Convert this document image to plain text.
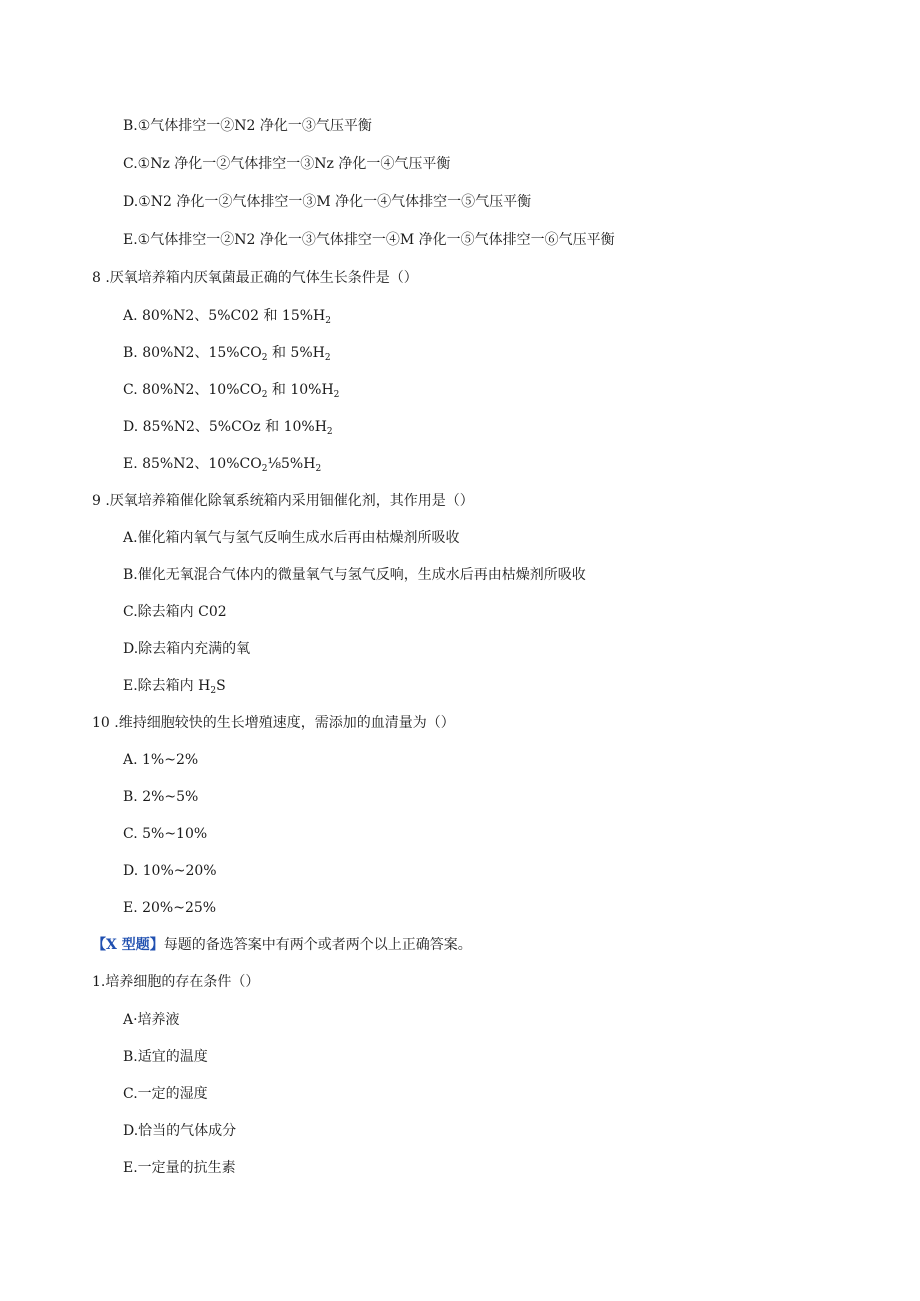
B.①气体排空一②N2 净化一③气压平衡
C.①Nz 净化一②气体排空一③Nz 净化一④气压平衡
D.①N2 净化一②气体排空一③M 净化一④气体排空一⑤气压平衡
E.①气体排空一②N2 净化一③气体排空一④M 净化一⑤气体排空一⑥气压平衡
8 .厌氧培养箱内厌氧菌最正确的气体生长条件是（）
A. 80%N2、5%C02 和 $15\%H_2$
B. 80%N2、$15\%CO_2$ 和 $5\%H_2$
C. 80%N2、$10\%CO_2$ 和 $10\%H_2$
D. 85%N2、5%COz 和 $10\%H_2$
E. 85%N2、$10\%CO_2\frac{1}{8}5\%H_2$
9 .厌氧培养箱催化除氧系统箱内采用钿催化剂，其作用是（）
A.催化箱内氧气与氢气反响生成水后再由枯燥剂所吸收
B.催化无氧混合气体内的微量氧气与氢气反响，生成水后再由枯燥剂所吸收
C.除去箱内 C02
D.除去箱内充满的氧
E.除去箱内 $H_2S$
10 .维持细胞较快的生长增殖速度，需添加的血清量为（）
A. 1%~2%
B. 2%~5%
C. 5%~10%
D. 10%~20%
E. 20%~25%
【X 型题】每题的备选答案中有两个或者两个以上正确答案。
1.培养细胞的存在条件（）
A·培养液
B.适宜的温度
C.一定的湿度
D.恰当的气体成分
E.一定量的抗生素
